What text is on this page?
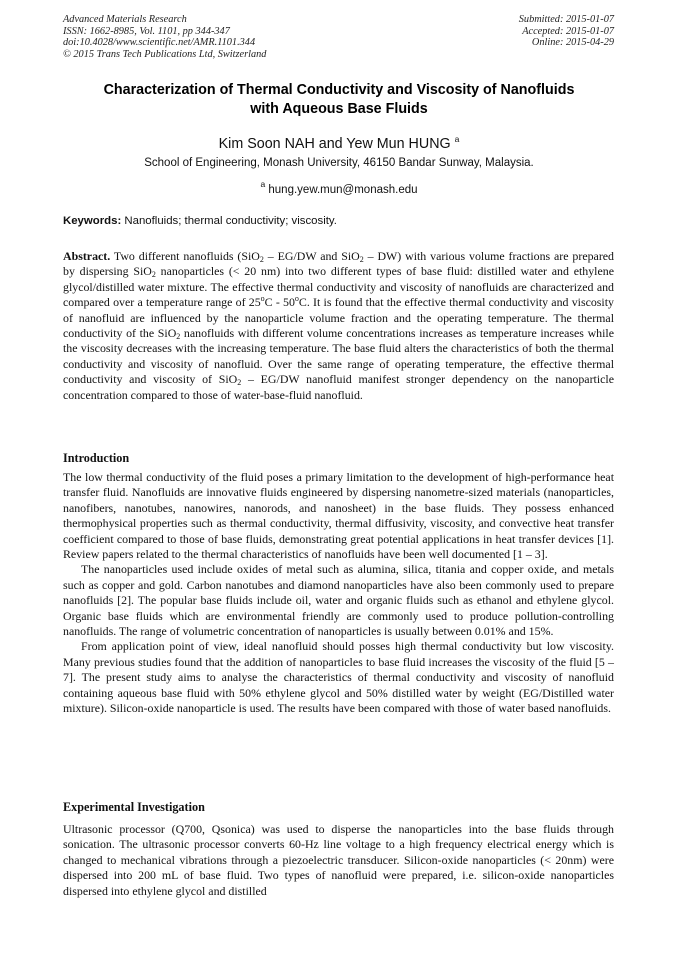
Advanced Materials Research
ISSN: 1662-8985, Vol. 1101, pp 344-347
doi:10.4028/www.scientific.net/AMR.1101.344
© 2015 Trans Tech Publications Ltd, Switzerland
Submitted: 2015-01-07
Accepted: 2015-01-07
Online: 2015-04-29
Characterization of Thermal Conductivity and Viscosity of Nanofluids
with Aqueous Base Fluids
Kim Soon NAH and Yew Mun HUNG $^a$
School of Engineering, Monash University, 46150 Bandar Sunway, Malaysia.
$^a$ hung.yew.mun@monash.edu
Keywords: Nanofluids; thermal conductivity; viscosity.

Abstract. Two different nanofluids (SiO$_2$ – EG/DW and SiO$_2$ – DW) with various volume fractions are prepared by dispersing SiO$_2$ nanoparticles (< 20 nm) into two different types of base fluid: distilled water and ethylene glycol/distilled water mixture. The effective thermal conductivity and viscosity of nanofluids are characterized and compared over a temperature range of 25$^o$C - 50$^o$C. It is found that the effective thermal conductivity and viscosity of nanofluid are influenced by the nanoparticle volume fraction and the operating temperature. The thermal conductivity of the SiO$_2$ nanofluids with different volume concentrations increases as temperature increases while the viscosity decreases with the increasing temperature. The base fluid alters the characteristics of both the thermal conductivity and viscosity of nanofluid. Over the same range of operating temperature, the effective thermal conductivity and viscosity of SiO$_2$ – EG/DW nanofluid manifest stronger dependency on the nanoparticle concentration compared to those of water-base-fluid nanofluid.

Introduction

The low thermal conductivity of the fluid poses a primary limitation to the development of high-performance heat transfer fluid. Nanofluids are innovative fluids engineered by dispersing nanometre-sized materials (nanoparticles, nanofibers, nanotubes, nanowires, nanorods, and nanosheet) in the base fluids. They possess enhanced thermophysical properties such as thermal conductivity, thermal diffusivity, viscosity, and convective heat transfer coefficient compared to those of base fluids, demonstrating great potential applications in heat transfer devices [1]. Review papers related to the thermal characteristics of nanofluids have been well documented [1 – 3].

The nanoparticles used include oxides of metal such as alumina, silica, titania and copper oxide, and metals such as copper and gold. Carbon nanotubes and diamond nanoparticles have also been commonly used to prepare nanofluids [2]. The popular base fluids include oil, water and organic fluids such as ethanol and ethylene glycol. Organic base fluids which are environmental friendly are commonly used to produce pollution-controlling nanofluids. The range of volumetric concentration of nanoparticles is usually between 0.01% and 15%.

From application point of view, ideal nanofluid should posses high thermal conductivity but low viscosity. Many previous studies found that the addition of nanoparticles to base fluid increases the viscosity of the fluid [5 – 7]. The present study aims to analyse the characteristics of thermal conductivity and viscosity of nanofluid containing aqueous base fluid with 50% ethylene glycol and 50% distilled water by weight (EG/Distilled water mixture). Silicon-oxide nanoparticle is used. The results have been compared with those of water based nanofluids.

Experimental Investigation

Ultrasonic processor (Q700, Qsonica) was used to disperse the nanoparticles into the base fluids through sonication. The ultrasonic processor converts 60-Hz line voltage to a high frequency electrical energy which is changed to mechanical vibrations through a piezoelectric transducer. Silicon-oxide nanoparticles (< 20nm) were dispersed into 200 mL of base fluid. Two types of nanofluid were prepared, i.e. silicon-oxide nanoparticles dispersed into ethylene glycol and distilled
